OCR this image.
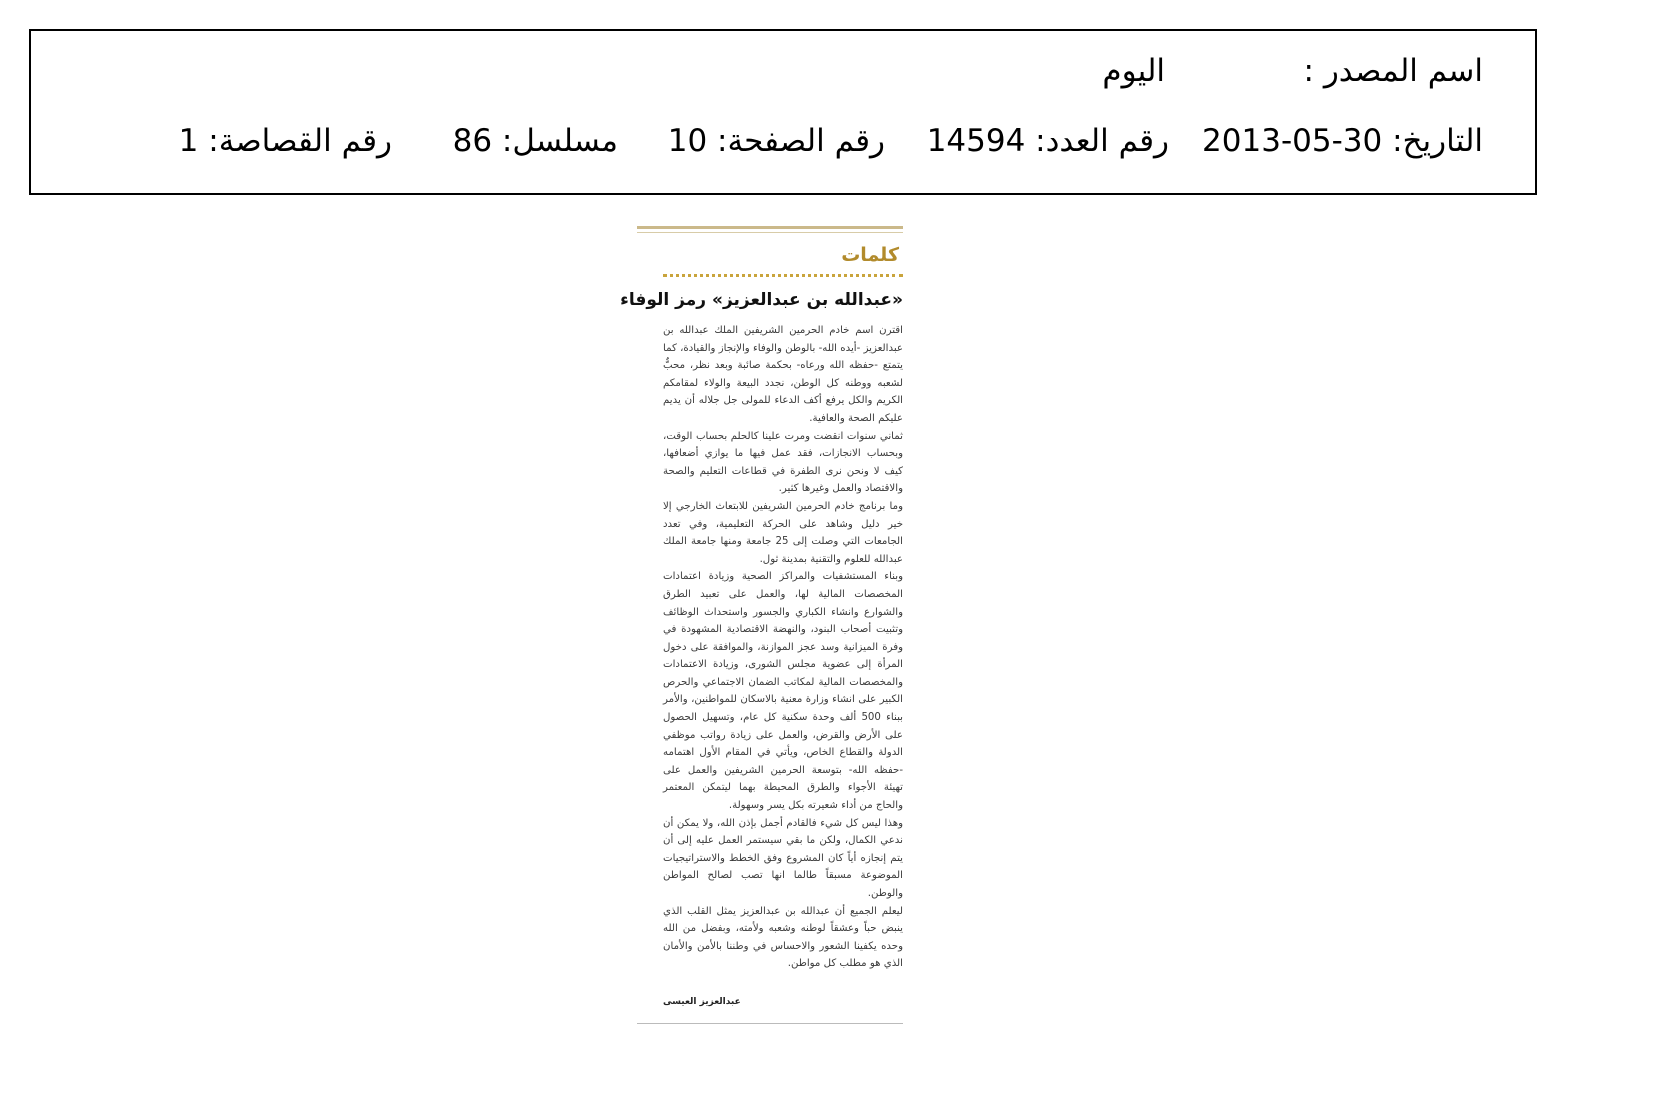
اسم المصدر :
اليوم
التاريخ: 30-05-2013
رقم العدد: 14594
رقم الصفحة: 10
مسلسل: 86
رقم القصاصة: 1
كلمات
«عبدالله بن عبدالعزيز» رمز الوفاء

اقترن اسم خادم الحرمين الشريفين الملك عبدالله بن عبدالعزيز -أيده الله- بالوطن والوفاء والإنجاز والقيادة، كما يتمتع -حفظه الله ورعاه- بحكمة صائبة وبعد نظر، محبٌّ لشعبه ووطنه كل الوطن، نجدد البيعة والولاء لمقامكم الكريم والكل يرفع أكف الدعاء للمولى جل جلاله أن يديم عليكم الصحة والعافية.

ثماني سنوات انقضت ومرت علينا كالحلم بحساب الوقت، وبحساب الانجازات، فقد عمل فيها ما يوازي أضعافها، كيف لا ونحن نرى الطفرة في قطاعات التعليم والصحة والاقتصاد والعمل وغيرها كثير.

وما برنامج خادم الحرمين الشريفين للابتعاث الخارجي إلا خير دليل وشاهد على الحركة التعليمية، وفي تعدد الجامعات التي وصلت إلى 25 جامعة ومنها جامعة الملك عبدالله للعلوم والتقنية بمدينة ثول.

وبناء المستشفيات والمراكز الصحية وزيادة اعتمادات المخصصات المالية لها، والعمل على تعبيد الطرق والشوارع وانشاء الكباري والجسور واستحداث الوظائف وتثبيت أصحاب البنود، والنهضة الاقتصادية المشهودة في وفرة الميزانية وسد عجز الموازنة، والموافقة على دخول المرأة إلى عضوية مجلس الشورى، وزيادة الاعتمادات والمخصصات المالية لمكاتب الضمان الاجتماعي والحرص الكبير على انشاء وزارة معنية بالاسكان للمواطنين، والأمر ببناء 500 ألف وحدة سكنية كل عام، وتسهيل الحصول على الأرض والقرض، والعمل على زيادة رواتب موظفي الدولة والقطاع الخاص، ويأتي في المقام الأول اهتمامه -حفظه الله- بتوسعة الحرمين الشريفين والعمل على تهيئة الأجواء والطرق المحيطة بهما ليتمكن المعتمر والحاج من أداء شعيرته بكل يسر وسهولة.

وهذا ليس كل شيء فالقادم أجمل بإذن الله، ولا يمكن أن ندعي الكمال، ولكن ما بقي سيستمر العمل عليه إلى أن يتم إنجازه أياً كان المشروع وفق الخطط والاستراتيجيات الموضوعة مسبقاً طالما انها تصب لصالح المواطن والوطن.

ليعلم الجميع أن عبدالله بن عبدالعزيز يمثل القلب الذي ينبض حباً وعشقاً لوطنه وشعبه ولأمته، وبفضل من الله وحده يكفينا الشعور والاحساس في وطننا بالأمن والأمان الذي هو مطلب كل مواطن.

عبدالعزيز العيسى
